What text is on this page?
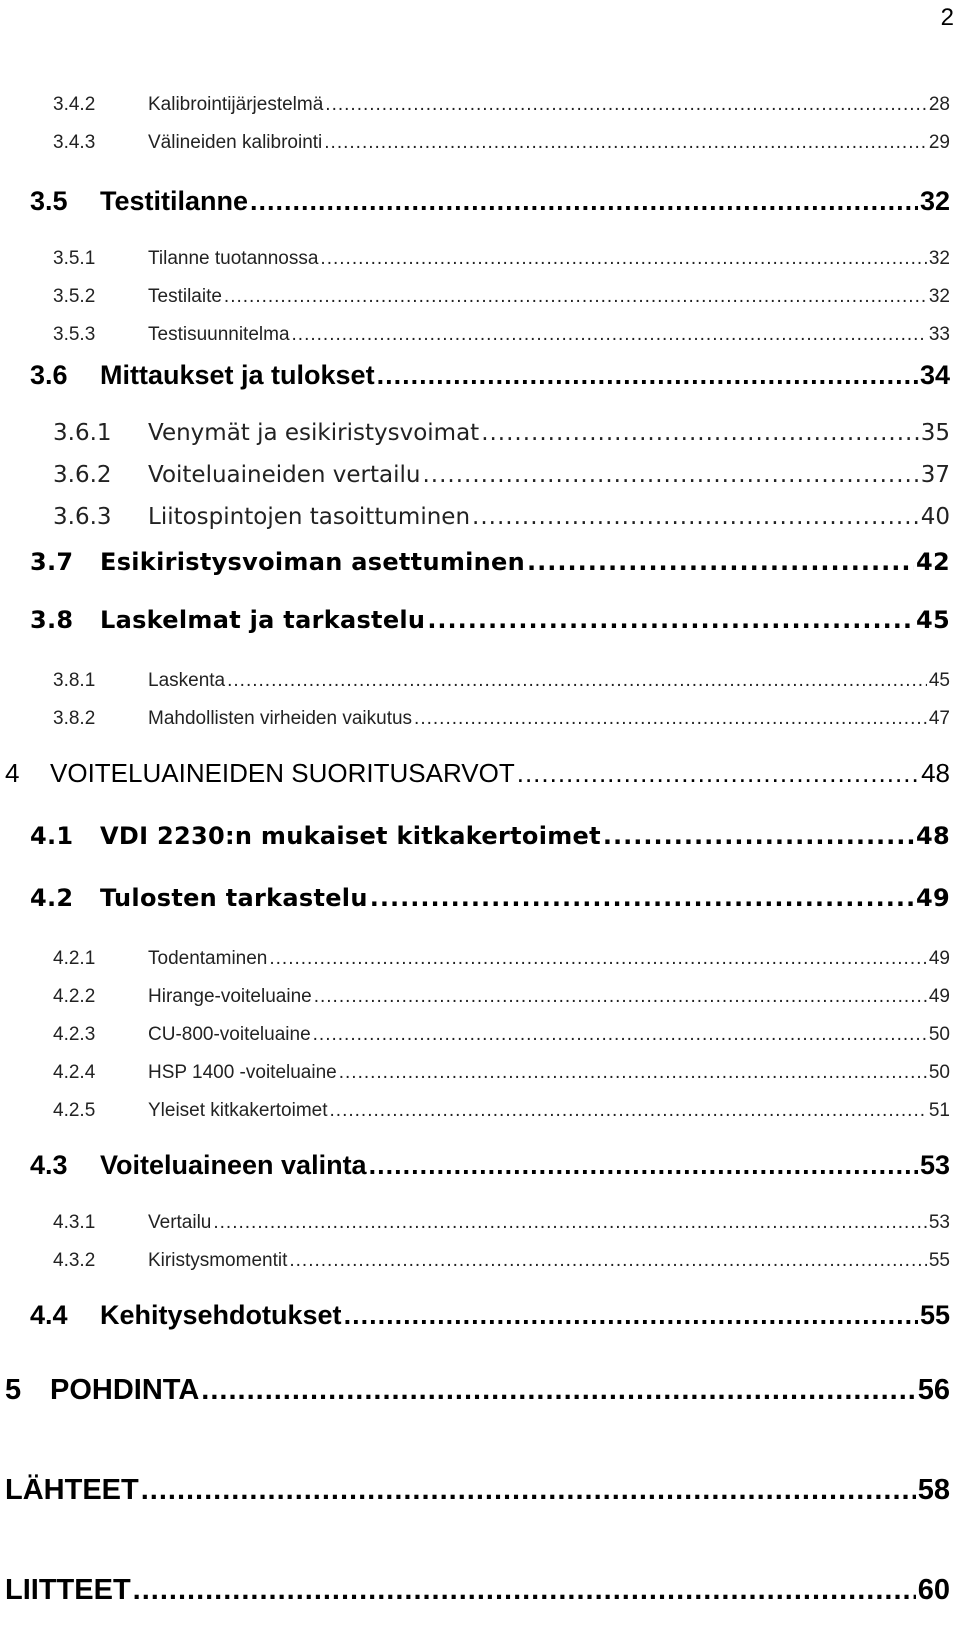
2
3.4.2	Kalibrointijärjestelmä .....	28
3.4.3	Välineiden kalibrointi .....	29
3.5	Testitilanne .....	32
3.5.1	Tilanne tuotannossa .....	32
3.5.2	Testilaite .....	32
3.5.3	Testisuunnitelma .....	33
3.6	Mittaukset ja tulokset .....	34
3.6.1	Venymät ja esikiristysvoimat .....	35
3.6.2	Voiteluaineiden vertailu .....	37
3.6.3	Liitospintojen tasoittuminen .....	40
3.7	Esikiristysvoiman asettuminen .....	42
3.8	Laskelmat ja tarkastelu .....	45
3.8.1	Laskenta .....	45
3.8.2	Mahdollisten virheiden vaikutus .....	47
4	VOITELUAINEIDEN SUORITUSARVOT .....	48
4.1	VDI 2230:n mukaiset kitkakertoimet .....	48
4.2	Tulosten tarkastelu .....	49
4.2.1	Todentaminen .....	49
4.2.2	Hirange-voiteluaine .....	49
4.2.3	CU-800-voiteluaine .....	50
4.2.4	HSP 1400 -voiteluaine .....	50
4.2.5	Yleiset kitkakertoimet .....	51
4.3	Voiteluaineen valinta .....	53
4.3.1	Vertailu .....	53
4.3.2	Kiristysmomentit .....	55
4.4	Kehitysehdotukset .....	55
5 POHDINTA .....	56
LÄHTEET .....	58
LIITTEET .....	60
